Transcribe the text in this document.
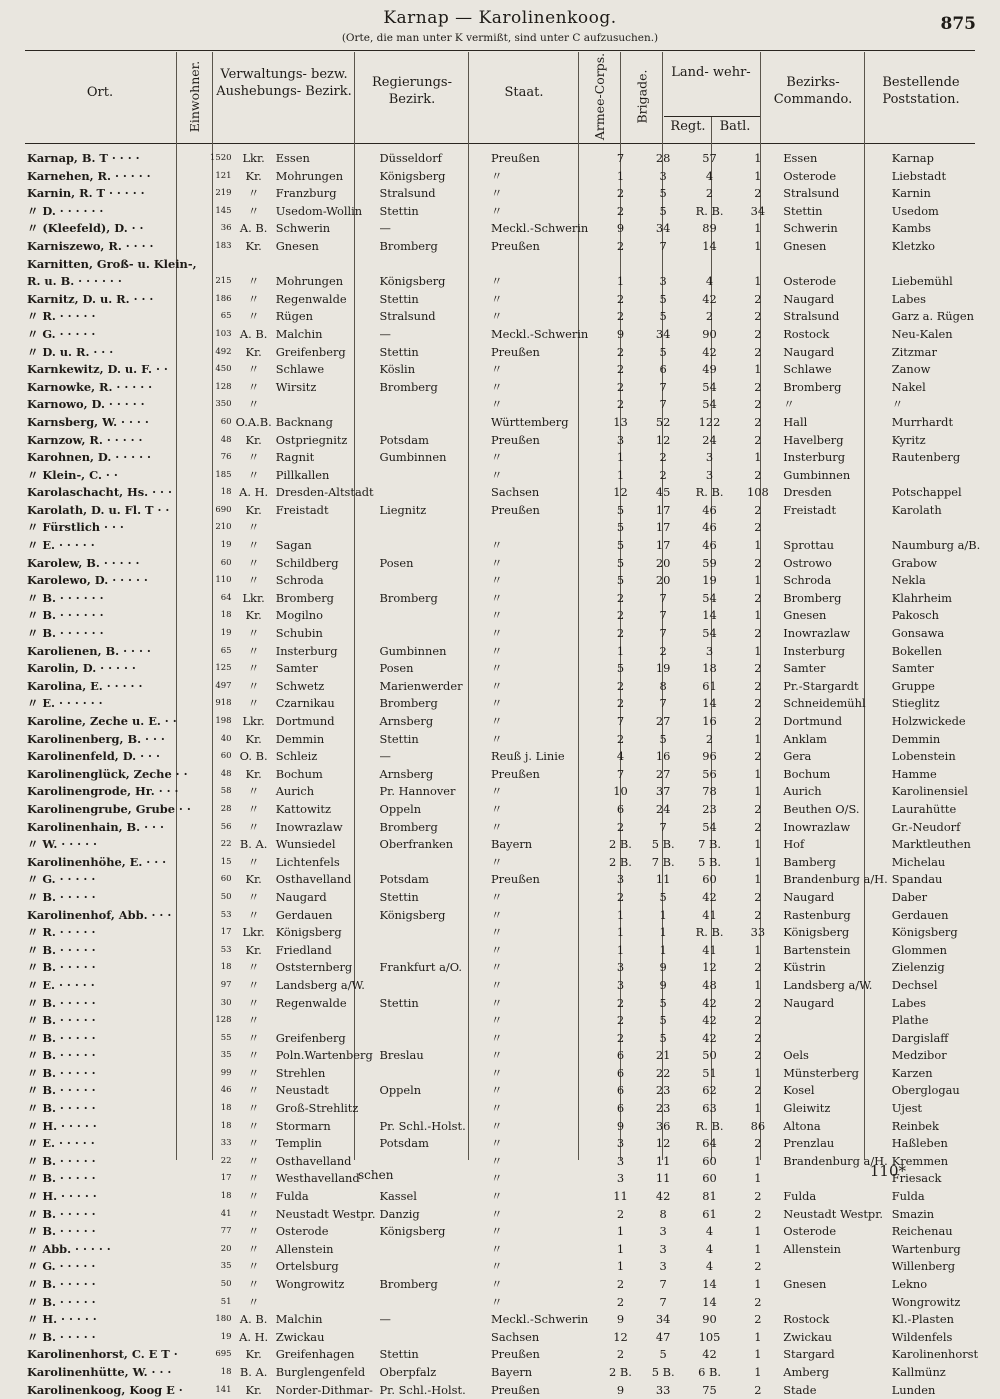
Karnap — Karolinenkoog.
(Orte, die man unter K vermißt, sind unter C aufzusuchen.)
875
Ort.	Einwohner.	Verwaltungs- bezw. Aushebungs- Bezirk.
Regierungs- Bezirk.	Staat.	Armee-Corps. Brigade.	Land- wehr-
Regt.	Batl.
Bezirks- Commando.
Bestellende Poststation.
Karnap, B. T · · · ·	1520	Lkr.	Essen	Düsseldorf	Preußen	7	28	57	1	Essen	Karnap
Karnehen, R. · · · · ·	121	Kr.	Mohrungen	Königsberg	〃	1	3	4	1	Osterode	Liebstadt
Karnin, R. T · · · · ·	219	〃	Franzburg	Stralsund	〃	2	5	2	2	Stralsund	Karnin
〃 D. · · · · · ·	145	〃	Usedom-Wollin	Stettin	〃	2	5	R. B.	34	Stettin	Usedom
〃 (Kleefeld), D. · ·	36	A. B.	Schwerin	—	Meckl.-Schwerin	9	34	89	1	Schwerin	Kambs
Karniszewo, R. · · · ·	183	Kr.	Gnesen	Bromberg	Preußen	2	7	14	1	Gnesen	Kletzko
Karnitten, Groß- u. Klein-,											
R. u. B. · · · · · ·	215	〃	Mohrungen	Königsberg	〃	1	3	4	1	Osterode	Liebemühl
Karnitz, D. u. R. · · ·	186	〃	Regenwalde	Stettin	〃	2	5	42	2	Naugard	Labes
〃 R. · · · · ·	65	〃	Rügen	Stralsund	〃	2	5	2	2	Stralsund	Garz a. Rügen
〃 G. · · · · ·	103	A. B.	Malchin	—	Meckl.-Schwerin	9	34	90	2	Rostock	Neu-Kalen
〃 D. u. R. · · ·	492	Kr.	Greifenberg	Stettin	Preußen	2	5	42	2	Naugard	Zitzmar
Karnkewitz, D. u. F. · ·	450	〃	Schlawe	Köslin	〃	2	6	49	1	Schlawe	Zanow
Karnowke, R. · · · · ·	128	〃	Wirsitz	Bromberg	〃	2	7	54	2	Bromberg	Nakel
Karnowo, D. · · · · ·	350	〃			〃	2	7	54	2	〃	〃
Karnsberg, W. · · · ·	60	O.A.B.	Backnang		Württemberg	13	52	122	2	Hall	Murrhardt
Karnzow, R. · · · · ·	48	Kr.	Ostpriegnitz	Potsdam	Preußen	3	12	24	2	Havelberg	Kyritz
Karohnen, D. · · · · ·	76	〃	Ragnit	Gumbinnen	〃	1	2	3	1	Insterburg	Rautenberg
〃 Klein-, C. · ·	185	〃	Pillkallen		〃	1	2	3	2	Gumbinnen	
Karolaschacht, Hs. · · ·	18	A. H.	Dresden-Altstadt		Sachsen	12	45	R. B.	108	Dresden	Potschappel
Karolath, D. u. Fl. T · ·	690	Kr.	Freistadt	Liegnitz	Preußen	5	17	46	2	Freistadt	Karolath
〃 Fürstlich · · ·	210	〃				5	17	46	2		
〃 E. · · · · ·	19	〃	Sagan		〃	5	17	46	1	Sprottau	Naumburg a/B.
Karolew, B. · · · · ·	60	〃	Schildberg	Posen	〃	5	20	59	2	Ostrowo	Grabow
Karolewo, D. · · · · ·	110	〃	Schroda		〃	5	20	19	1	Schroda	Nekla
〃 B. · · · · · ·	64	Lkr.	Bromberg	Bromberg	〃	2	7	54	2	Bromberg	Klahrheim
〃 B. · · · · · ·	18	Kr.	Mogilno		〃	2	7	14	1	Gnesen	Pakosch
〃 B. · · · · · ·	19	〃	Schubin		〃	2	7	54	2	Inowrazlaw	Gonsawa
Karolienen, B. · · · ·	65	〃	Insterburg	Gumbinnen	〃	1	2	3	1	Insterburg	Bokellen
Karolin, D. · · · · ·	125	〃	Samter	Posen	〃	5	19	18	2	Samter	Samter
Karolina, E. · · · · ·	497	〃	Schwetz	Marienwerder	〃	2	8	61	2	Pr.-Stargardt	Gruppe
〃 E. · · · · · ·	918	〃	Czarnikau	Bromberg	〃	2	7	14	2	Schneidemühl	Stieglitz
Karoline, Zeche u. E. · ·	198	Lkr.	Dortmund	Arnsberg	〃	7	27	16	2	Dortmund	Holzwickede
Karolinenberg, B. · · ·	40	Kr.	Demmin	Stettin	〃	2	5	2	1	Anklam	Demmin
Karolinenfeld, D. · · ·	60	O. B.	Schleiz	—	Reuß j. Linie	4	16	96	2	Gera	Lobenstein
Karolinenglück, Zeche · ·	48	Kr.	Bochum	Arnsberg	Preußen	7	27	56	1	Bochum	Hamme
Karolinengrode, Hr. · · ·	58	〃	Aurich	Pr. Hannover	〃	10	37	78	1	Aurich	Karolinensiel
Karolinengrube, Grube · ·	28	〃	Kattowitz	Oppeln	〃	6	24	23	2	Beuthen O/S.	Laurahütte
Karolinenhain, B. · · ·	56	〃	Inowrazlaw	Bromberg	〃	2	7	54	2	Inowrazlaw	Gr.-Neudorf
〃 W. · · · · ·	22	B. A.	Wunsiedel	Oberfranken	Bayern	2 B.	5 B.	7 B.	1	Hof	Marktleuthen
Karolinenhöhe, E. · · ·	15	〃	Lichtenfels		〃	2 B.	7 B.	5 B.	1	Bamberg	Michelau
〃 G. · · · · ·	60	Kr.	Osthavelland	Potsdam	Preußen	3	11	60	1	Brandenburg a/H.	Spandau
〃 B. · · · · ·	50	〃	Naugard	Stettin	〃	2	5	42	2	Naugard	Daber
Karolinenhof, Abb. · · ·	53	〃	Gerdauen	Königsberg	〃	1	1	41	2	Rastenburg	Gerdauen
〃 R. · · · · ·	17	Lkr.	Königsberg		〃	1	1	R. B.	33	Königsberg	Königsberg
〃 B. · · · · ·	53	Kr.	Friedland		〃	1	1	41	1	Bartenstein	Glommen
〃 B. · · · · ·	18	〃	Oststernberg	Frankfurt a/O.	〃	3	9	12	2	Küstrin	Zielenzig
〃 E. · · · · ·	97	〃	Landsberg a/W.		〃	3	9	48	1	Landsberg a/W.	Dechsel
〃 B. · · · · ·	30	〃	Regenwalde	Stettin	〃	2	5	42	2	Naugard	Labes
〃 B. · · · · ·	128	〃			〃	2	5	42	2		Plathe
〃 B. · · · · ·	55	〃	Greifenberg		〃	2	5	42	2		Dargislaff
〃 B. · · · · ·	35	〃	Poln.Wartenberg	Breslau	〃	6	21	50	2	Oels	Medzibor
〃 B. · · · · ·	99	〃	Strehlen		〃	6	22	51	1	Münsterberg	Karzen
〃 B. · · · · ·	46	〃	Neustadt	Oppeln	〃	6	23	62	2	Kosel	Oberglogau
〃 B. · · · · ·	18	〃	Groß-Strehlitz		〃	6	23	63	1	Gleiwitz	Ujest
〃 H. · · · · ·	18	〃	Stormarn	Pr. Schl.-Holst.	〃	9	36	R. B.	86	Altona	Reinbek
〃 E. · · · · ·	33	〃	Templin	Potsdam	〃	3	12	64	2	Prenzlau	Haßleben
〃 B. · · · · ·	22	〃	Osthavelland		〃	3	11	60	1	Brandenburg a/H.	Kremmen
〃 B. · · · · ·	17	〃	Westhavelland		〃	3	11	60	1		Friesack
〃 H. · · · · ·	18	〃	Fulda	Kassel	〃	11	42	81	2	Fulda	Fulda
〃 B. · · · · ·	41	〃	Neustadt Westpr.	Danzig	〃	2	8	61	2	Neustadt Westpr.	Smazin
〃 B. · · · · ·	77	〃	Osterode	Königsberg	〃	1	3	4	1	Osterode	Reichenau
〃 Abb. · · · · ·	20	〃	Allenstein		〃	1	3	4	1	Allenstein	Wartenburg
〃 G. · · · · ·	35	〃	Ortelsburg		〃	1	3	4	2		Willenberg
〃 B. · · · · ·	50	〃	Wongrowitz	Bromberg	〃	2	7	14	1	Gnesen	Lekno
〃 B. · · · · ·	51	〃			〃	2	7	14	2		Wongrowitz
〃 H. · · · · ·	180	A. B.	Malchin	—	Meckl.-Schwerin	9	34	90	2	Rostock	Kl.-Plasten
〃 B. · · · · ·	19	A. H.	Zwickau		Sachsen	12	47	105	1	Zwickau	Wildenfels
Karolinenhorst, C. E T ·	695	Kr.	Greifenhagen	Stettin	Preußen	2	5	42	1	Stargard	Karolinenhorst
Karolinenhütte, W. · · ·	18	B. A.	Burglengenfeld	Oberpfalz	Bayern	2 B.	5 B.	6 B.	1	Amberg	Kallmünz
Karolinenkoog, Koog E ·	141	Kr.	Norder-Dithmar-	Pr. Schl.-Holst.	Preußen	9	33	75	2	Stade	Lunden
schen	110*
